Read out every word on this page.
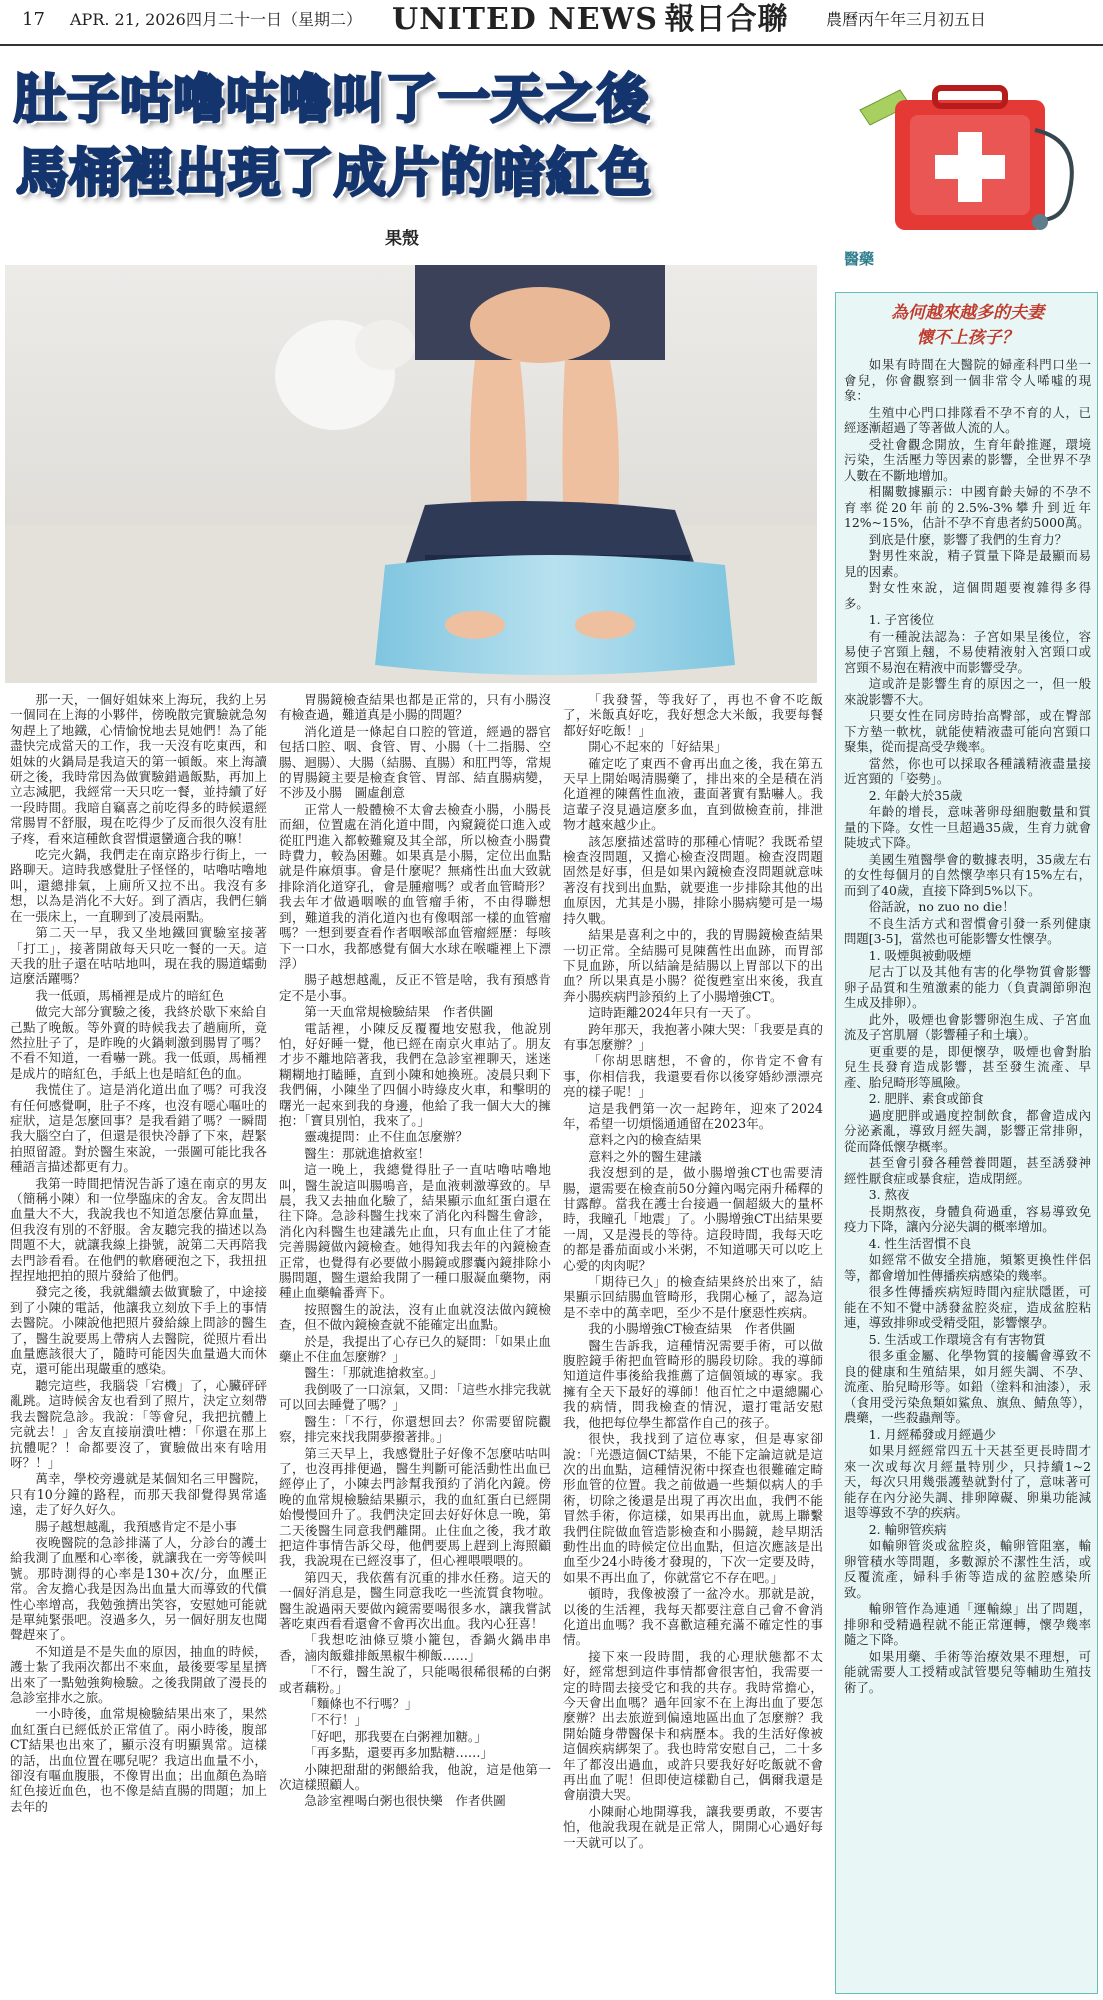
17 APR. 21, 2026 四月二十一日（星期二） UNITED NEWS 報日合聯 農曆丙午年三月初五日
肚子咕嚕咕嚕叫了一天之後
馬桶裡出現了成片的暗紅色
果殼

那一天，一個好姐妹來上海玩，我約上另一個同在上海的小夥伴，傍晚散完實驗就急匆匆趕上了地鐵，心情愉悅地去見她們！為了能盡快完成當天的工作，我一天沒有吃東西，和姐妹的火鍋局是我這天的第一頓飯。來上海讀研之後，我時常因為做實驗錯過飯點，再加上立志減肥，我經常一天只吃一餐，並持續了好一段時間。我暗自竊喜之前吃得多的時候還經常腸胃不舒服，現在吃得少了反而很久沒有肚子疼，看來這種飲食習慣還蠻適合我的嘛！

吃完火鍋，我們走在南京路步行街上，一路聊天。這時我感覺肚子怪怪的，咕嚕咕嚕地叫，還總排氣，上廁所又拉不出。我沒有多想，以為是消化不大好。到了酒店，我們仨躺在一張床上，一直聊到了凌晨兩點。

第二天一早，我又坐地鐵回實驗室接著「打工」，接著開啟每天只吃一餐的一天。這天我的肚子還在咕咕地叫，現在我的腸道蠕動這麼活躍嗎？

我一低頭，馬桶裡是成片的暗紅色

做完大部分實驗之後，我終於歇下來給自己點了晚飯。等外賣的時候我去了趟廁所，竟然拉肚子了，是昨晚的火鍋刺激到腸胃了嗎？不看不知道，一看嚇一跳。我一低頭，馬桶裡是成片的暗紅色，手紙上也是暗紅色的血。

我慌住了。這是消化道出血了嗎？可我沒有任何感覺啊，肚子不疼，也沒有噁心嘔吐的症狀，這是怎麼回事？是我看錯了嗎？一瞬間我大腦空白了，但還是很快冷靜了下來，趕緊拍照留證。對於醫生來說，一張圖可能比我各種語言描述都更有力。

我第一時間把情況告訴了遠在南京的男友（簡稱小陳）和一位學臨床的舍友。舍友問出血量大不大，我說我也不知道怎麼估算血量，但我沒有別的不舒服。舍友聽完我的描述以為問題不大，就讓我線上掛號，說第二天再陪我去門診看看。在他們的軟磨硬泡之下，我扭扭捏捏地把拍的照片發給了他們。

發完之後，我就繼續去做實驗了，中途接到了小陳的電話，他讓我立刻放下手上的事情去醫院。小陳說他把照片發給線上問診的醫生了，醫生說要馬上帶病人去醫院，從照片看出血量應該很大了，隨時可能因失血量過大而休克，還可能出現嚴重的感染。

聽完這些，我腦袋「宕機」了，心臟砰砰亂跳。這時候舍友也看到了照片，決定立刻帶我去醫院急診。我說：「等會兒，我把抗體上完就去！」舍友直接崩潰吐槽：「你還在那上抗體呢？！命都要沒了，實驗做出來有啥用呀？！」

萬幸，學校旁邊就是某個知名三甲醫院，只有10分鐘的路程，而那天我卻覺得異常遙遠，走了好久好久。

腸子越想越亂，我預感肯定不是小事

夜晚醫院的急診排滿了人，分診台的護士給我測了血壓和心率後，就讓我在一旁等候叫號。那時測得的心率是130+次/分，血壓正常。舍友擔心我是因為出血量大而導致的代償性心率增高，我勉強擠出笑容，安慰她可能就是單純緊張吧。沒過多久，另一個好朋友也聞聲趕來了。

不知道是不是失血的原因，抽血的時候，護士紮了我兩次都出不來血，最後要零星星擠出來了一點勉強夠檢驗。之後我開啟了漫長的急診室排水之旅。

一小時後，血常規檢驗結果出來了，果然血紅蛋白已經低於正常值了。兩小時後，腹部CT結果也出來了，顯示沒有明顯異常。這樣的話，出血位置在哪兒呢？我這出血量不小，卻沒有嘔血腹脹，不像胃出血；出血顏色為暗紅色接近血色，也不像是結直腸的問題；加上去年的

胃腸鏡檢查結果也都是正常的，只有小腸沒有檢查過，難道真是小腸的問題？

消化道是一條起自口腔的管道，經過的器官包括口腔、咽、食管、胃、小腸（十二指腸、空腸、迴腸）、大腸（結腸、直腸）和肛門等，常規的胃腸鏡主要是檢查食管、胃部、結直腸病變，不涉及小腸　圖虛創意

正常人一般體檢不太會去檢查小腸，小腸長而細，位置處在消化道中間，內窺鏡從口進入或從肛門進入都較難窺及其全部，所以檢查小腸費時費力，較為困難。如果真是小腸，定位出血點就是件麻煩事。會是什麼呢？無痛性出血大致就排除消化道穿孔，會是腫瘤嗎？或者血管畸形？我去年才做過咽喉的血管瘤手術，不由得聯想到，難道我的消化道內也有像咽部一樣的血管瘤嗎？一想到要查看作者咽喉部血管瘤經歷：每咳下一口水，我都感覺有個大水球在喉嚨裡上下漂浮）

腸子越想越亂，反正不管是啥，我有預感肯定不是小事。

第一天血常規檢驗結果　作者供圖

電話裡，小陳反反覆覆地安慰我，他說別怕，好好睡一覺，他已經在南京火車站了。朋友才步不離地陪著我，我們在急診室裡聊天，迷迷糊糊地打瞌睡，直到小陳和她換班。凌晨只剩下我們倆，小陳坐了四個小時綠皮火車，和擊明的曙光一起來到我的身邊，他給了我一個大大的擁抱：「寶貝別怕，我來了。」

靈魂提問：止不住血怎麼辦？

醫生：那就進搶救室！

這一晚上，我總覺得肚子一直咕嚕咕嚕地叫，醫生說這叫腸鳴音，是血液刺激導致的。早晨，我又去抽血化驗了，結果顯示血紅蛋白還在往下降。急診科醫生找來了消化內科醫生會診，消化內科醫生也建議先止血，只有血止住了才能完善腸鏡做內鏡檢查。她得知我去年的內鏡檢查正常，也覺得有必要做小腸鏡或膠囊內鏡排除小腸問題，醫生還給我開了一種口服凝血藥物，兩種止血藥輪番齊下。

按照醫生的說法，沒有止血就沒法做內鏡檢查，但不做內鏡檢查就不能確定出血點。

於是，我提出了心存已久的疑問：「如果止血藥止不住血怎麼辦？」

醫生：「那就進搶救室。」

我倒吸了一口涼氣，又問：「這些水排完我就可以回去睡覺了嗎？」

醫生：「不行，你還想回去？你需要留院觀察，排完來找我開夢撥著排。」

第三天早上，我感覺肚子好像不怎麼咕咕叫了，也沒再排便過，醫生判斷可能活動性出血已經停止了，小陳去門診幫我預約了消化內鏡。傍晚的血常規檢驗結果顯示，我的血紅蛋白已經開始慢慢回升了。我們決定回去好好休息一晚，第二天後醫生同意我們離開。止住血之後，我才敢把這件事情告訴父母，他們要馬上趕到上海照顧我，我說現在已經沒事了，但心裡喂喂喂的。

第四天，我依舊有沉重的排水任務。這天的一個好消息是，醫生同意我吃一些流質食物啦。醫生說過兩天要做內鏡需要喝很多水，讓我嘗試著吃東西看看還會不會再次出血。我內心狂喜！

「我想吃油條豆漿小籠包，香鍋火鍋串串香，滷肉飯雞排飯黑椒牛柳飯……」

「不行，醫生說了，只能喝很稀很稀的白粥或者藕粉。」

「麵條也不行嗎？」

「不行！」

「好吧，那我要在白粥裡加糖。」

「再多點，還要再多加點糖……」

小陳把甜甜的粥餵給我，他說，這是他第一次這樣照顧人。

急診室裡喝白粥也很快樂　作者供圖

「我發誓，等我好了，再也不會不吃飯了，米飯真好吃，我好想念大米飯，我要每餐都好好吃飯！」

開心不起來的「好結果」

確定吃了東西不會再出血之後，我在第五天早上開始喝清腸藥了，排出來的全是積在消化道裡的陳舊性血液，畫面著實有點嚇人。我這輩子沒見過這麼多血，直到做檢查前，排泄物才越來越少止。

該怎麼描述當時的那種心情呢？我既希望檢查沒問題，又擔心檢查沒問題。檢查沒問題固然是好事，但是如果內鏡檢查沒問題就意味著沒有找到出血點，就要進一步排除其他的出血原因，尤其是小腸，排除小腸病變可是一場持久戰。

結果是喜利之中的，我的胃腸鏡檢查結果一切正常。全結腸可見陳舊性出血跡，而胃部下見血跡，所以結論是結腸以上胃部以下的出血？所以果真是小腸？從復甦室出來後，我直奔小腸疾病門診預約上了小腸增強CT。

這時距離2024年只有一天了。

跨年那天，我抱著小陳大哭：「我要是真的有事怎麼辦？」

「你胡思瞎想，不會的，你肯定不會有事，你相信我，我還要看你以後穿婚紗漂漂亮亮的樣子呢！」

這是我們第一次一起跨年，迎來了2024年，希望一切煩惱通通留在2023年。

意料之內的檢查結果

意料之外的醫生建議

我沒想到的是，做小腸增強CT也需要清腸，還需要在檢查前50分鐘內喝完兩升稀釋的甘露醇。當我在護士台接過一個超級大的量杯時，我瞳孔「地震」了。小腸增強CT出結果要一周，又是漫長的等待。這段時間，我每天吃的都是番茄面或小米粥，不知道哪天可以吃上心愛的肉肉呢？

「期待已久」的檢查結果終於出來了，結果顯示回結腸血管畸形，我開心極了，認為這是不幸中的萬幸吧，至少不是什麼惡性疾病。

我的小腸增強CT檢查結果　作者供圖

醫生告訴我，這種情況需要手術，可以做腹腔鏡手術把血管畸形的腸段切除。我的導師知道這件事後給我推薦了這個領域的專家。我擁有全天下最好的導師！他百忙之中還總關心我的病情，問我檢查的情況，還打電話安慰我，他把每位學生都當作自己的孩子。

很快，我找到了這位專家，但是專家卻說：「光憑這個CT結果，不能下定論這就是這次的出血點，這種情況術中探查也很難確定畸形血管的位置。我之前做過一些類似病人的手術，切除之後還是出現了再次出血，我們不能冒然手術，你這樣，如果再出血，就馬上聯繫我們住院做血管造影檢查和小腸鏡，趁早期活動性出血的時候定位出血點，但這次應該是出血至少24小時後才發現的，下次一定要及時，如果不再出血了，你就當它不存在吧。」

頓時，我像被潑了一盆冷水。那就是說，以後的生活裡，我每天都要注意自己會不會消化道出血嗎？我不喜歡這種充滿不確定性的事情。

接下來一段時間，我的心理狀態都不太好，經常想到這件事情都會很害怕，我需要一定的時間去接受它和我的共存。我時常擔心，今天會出血嗎？過年回家不在上海出血了要怎麼辦？出去旅遊到偏遠地區出血了怎麼辦？我開始隨身帶醫保卡和病歷本。我的生活好像被這個疾病綁架了。我也時常安慰自己，二十多年了都沒出過血，或許只要我好好吃飯就不會再出血了呢！但即使這樣勸自己，偶爾我還是會崩潰大哭。

小陳耐心地開導我，讓我要勇敢，不要害怕，他說我現在就是正常人，開開心心過好每一天就可以了。

醫藥
為何越來越多的夫妻
懷不上孩子？

如果有時間在大醫院的婦產科門口坐一會兒，你會觀察到一個非常令人唏噓的現象：

生殖中心門口排隊看不孕不育的人，已經逐漸超過了等著做人流的人。

受社會觀念開放，生育年齡推遲，環境污染，生活壓力等因素的影響，全世界不孕人數在不斷地增加。

相關數據顯示：中國育齡夫婦的不孕不育率從20年前的2.5%-3%攀升到近年12%~15%，估計不孕不育患者約5000萬。

到底是什麼，影響了我們的生育力？

對男性來說，精子質量下降是最顯而易見的因素。

對女性來說，這個問題要複雜得多得多。

1. 子宮後位

有一種說法認為：子宮如果呈後位，容易使子宮頸上翹，不易使精液射入宮頸口或宮頸不易泡在精液中而影響受孕。

這或許是影響生育的原因之一，但一般來說影響不大。

只要女性在同房時抬高臀部，或在臀部下方墊一軟枕，就能使精液盡可能向宮頸口聚集，從而提高受孕幾率。

當然，你也可以採取各種議精液盡量接近宮頸的「姿勢」。

2. 年齡大於35歲

年齡的增長，意味著卵母細胞數量和質量的下降。女性一旦超過35歲，生育力就會陡坡式下降。

美國生殖醫學會的數據表明，35歲左右的女性每個月的自然懷孕率只有15%左右，而到了40歲，直接下降到5%以下。

俗話說，no zuo no die！

不良生活方式和習慣會引發一系列健康問題[3-5]，當然也可能影響女性懷孕。

1. 吸煙與被動吸煙

尼古丁以及其他有害的化學物質會影響卵子品質和生殖激素的能力（負責調節卵泡生成及排卵）。

此外，吸煙也會影響卵泡生成、子宮血流及子宮肌層（影響種子和土壤）。

更重要的是，即便懷孕，吸煙也會對胎兒生長發育造成影響，甚至發生流產、早產、胎兒畸形等風險。

2. 肥胖、素食或節食

過度肥胖或過度控制飲食，都會造成內分泌紊亂，導致月經失調，影響正常排卵，從而降低懷孕概率。

甚至會引發各種營養問題，甚至誘發神經性厭食症或暴食症，造成閉經。

3. 熬夜

長期熬夜，身體負荷過重，容易導致免疫力下降，讓內分泌失調的概率增加。

4. 性生活習慣不良

如經常不做安全措施，頻繁更換性伴侶等，都會增加性傳播疾病感染的幾率。

很多性傳播疾病短時間內症狀隱匿，可能在不知不覺中誘發盆腔炎症，造成盆腔粘連，導致排卵或受精受阻，影響懷孕。

5. 生活或工作環境含有有害物質

很多重金屬、化學物質的接觸會導致不良的健康和生殖結果，如月經失調、不孕、流產、胎兒畸形等。如鉛（塗料和油漆），汞（食用受污染魚類如鯊魚、旗魚、鯖魚等），農藥，一些殺蟲劑等。

1. 月經稀發或月經過少

如果月經經常四五十天甚至更長時間才來一次或每次月經量特別少，只持續1~2天，每次只用幾張護墊就對付了，意味著可能存在內分泌失調、排卵障礙、卵巢功能減退等導致不孕的疾病。

2. 輸卵管疾病

如輸卵管炎或盆腔炎，輸卵管阻塞，輸卵管積水等問題，多數源於不潔性生活，或反覆流產，婦科手術等造成的盆腔感染所致。

輸卵管作為連通「運輸線」出了問題，排卵和受精過程就不能正常運轉，懷孕幾率隨之下降。

如果用藥、手術等治療效果不理想，可能就需要人工授精或試管嬰兒等輔助生殖技術了。
